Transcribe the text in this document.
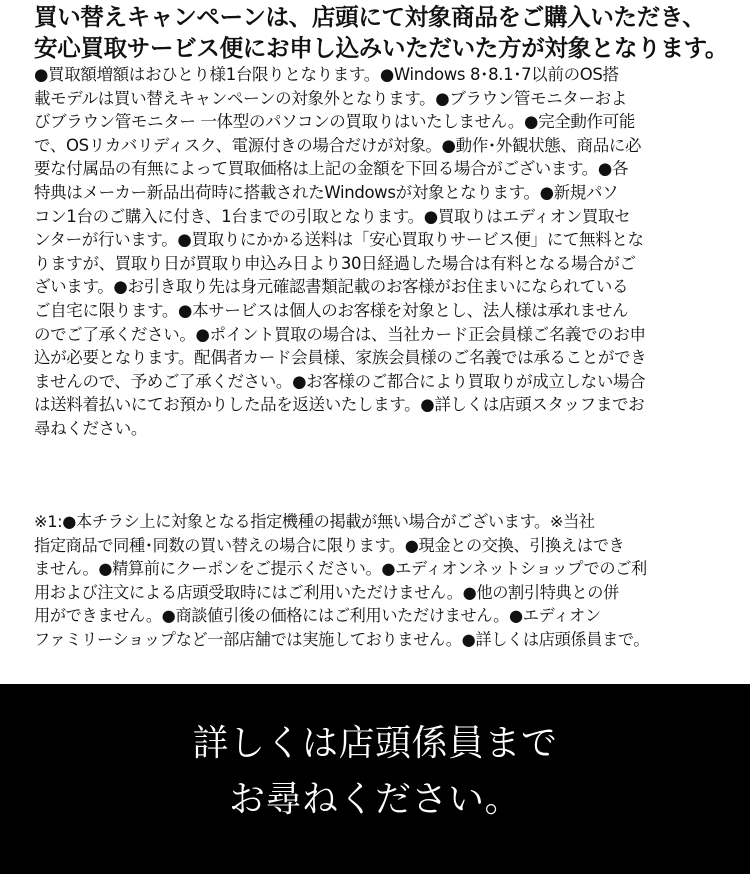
買い替えキャンペーンは、店頭にて対象商品をご購入いただき、
安心買取サービス便にお申し込みいただいた方が対象となります。
●買取額増額はおひとり様1台限りとなります。●Windows 8･8.1･7以前のOS搭
載モデルは買い替えキャンペーンの対象外となります。●ブラウン管モニターおよ
びブラウン管モニター 一体型のパソコンの買取りはいたしません。●完全動作可能
で、OSリカバリディスク、電源付きの場合だけが対象。●動作･外観状態、商品に必
要な付属品の有無によって買取価格は上記の金額を下回る場合がございます。●各
特典はメーカー新品出荷時に搭載されたWindowsが対象となります。●新規パソ
コン1台のご購入に付き、1台までの引取となります。●買取りはエディオン買取セ
ンターが行います。●買取りにかかる送料は「安心買取りサービス便」にて無料とな
りますが、買取り日が買取り申込み日より30日経過した場合は有料となる場合がご
ざいます。●お引き取り先は身元確認書類記載のお客様がお住まいになられている
ご自宅に限ります。●本サービスは個人のお客様を対象とし、法人様は承れません
のでご了承ください。●ポイント買取の場合は、当社カード正会員様ご名義でのお申
込が必要となります。配偶者カード会員様、家族会員様のご名義では承ることができ
ませんので、予めご了承ください。●お客様のご都合により買取りが成立しない場合
は送料着払いにてお預かりした品を返送いたします。●詳しくは店頭スタッフまでお
尋ねください。
※1:●本チラシ上に対象となる指定機種の掲載が無い場合がございます。※当社
指定商品で同種･同数の買い替えの場合に限ります。●現金との交換、引換えはでき
ません。●精算前にクーポンをご提示ください。●エディオンネットショップでのご利
用および注文による店頭受取時にはご利用いただけません。●他の割引特典との併
用ができません。●商談値引後の価格にはご利用いただけません。●エディオン
ファミリーショップなど一部店舗では実施しておりません。●詳しくは店頭係員まで。
詳しくは店頭係員まで
お尋ねください。
